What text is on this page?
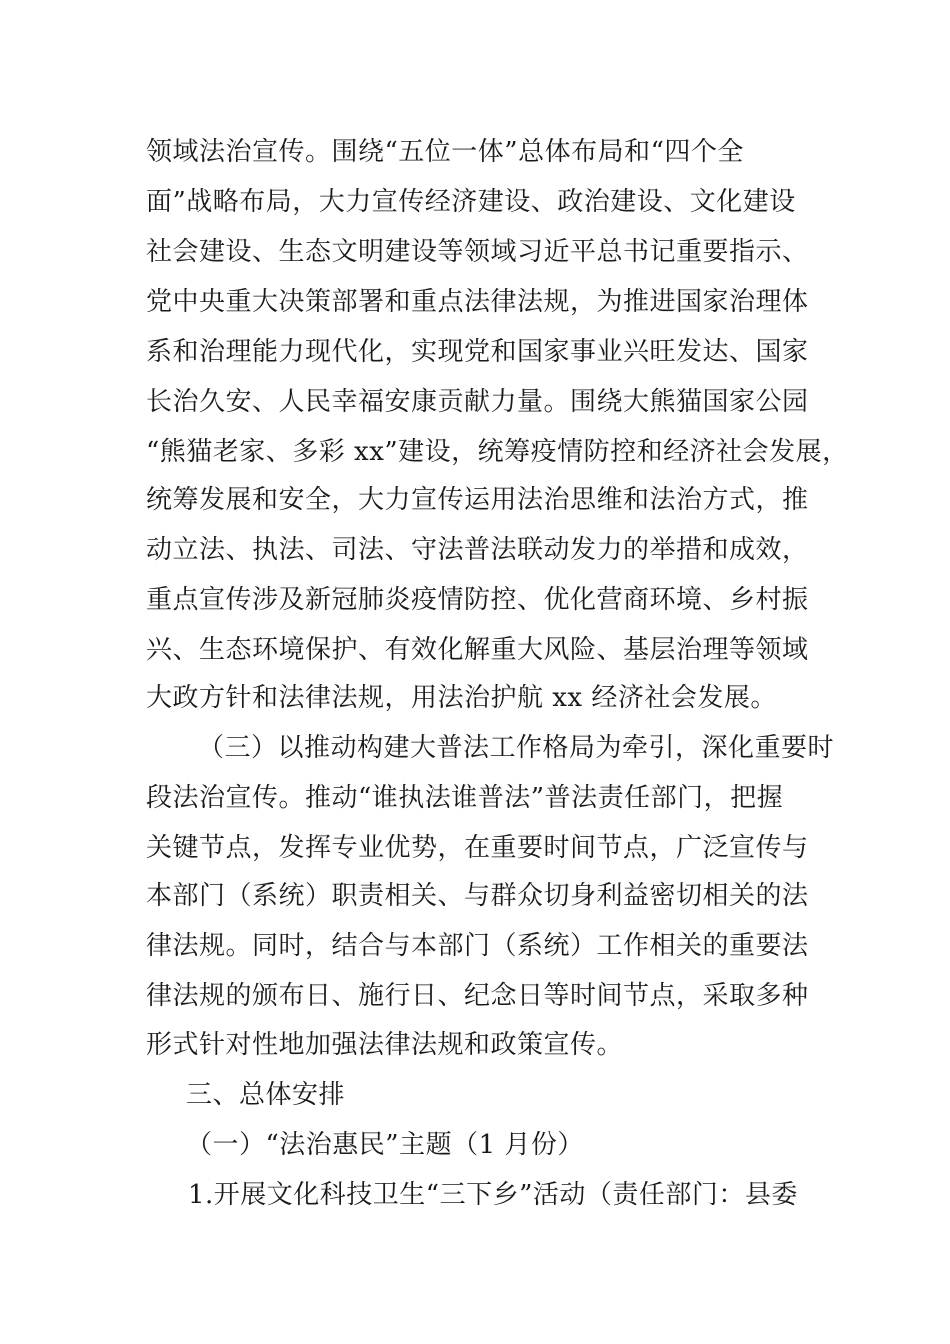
领域法治宣传。围绕“五位一体”总体布局和“四个全
面”战略布局，大力宣传经济建设、政治建设、文化建设
社会建设、生态文明建设等领域习近平总书记重要指示、
党中央重大决策部署和重点法律法规，为推进国家治理体
系和治理能力现代化，实现党和国家事业兴旺发达、国家
长治久安、人民幸福安康贡献力量。围绕大熊猫国家公园
“熊猫老家、多彩 xx”建设，统筹疫情防控和经济社会发展，
统筹发展和安全，大力宣传运用法治思维和法治方式，推
动立法、执法、司法、守法普法联动发力的举措和成效，
重点宣传涉及新冠肺炎疫情防控、优化营商环境、乡村振
兴、生态环境保护、有效化解重大风险、基层治理等领域
大政方针和法律法规，用法治护航 xx 经济社会发展。
（三）以推动构建大普法工作格局为牵引，深化重要时
段法治宣传。推动“谁执法谁普法”普法责任部门，把握
关键节点，发挥专业优势，在重要时间节点，广泛宣传与
本部门（系统）职责相关、与群众切身利益密切相关的法
律法规。同时，结合与本部门（系统）工作相关的重要法
律法规的颁布日、施行日、纪念日等时间节点，采取多种
形式针对性地加强法律法规和政策宣传。
三、总体安排
（一）“法治惠民”主题（1 月份）
1.开展文化科技卫生“三下乡”活动（责任部门：县委
